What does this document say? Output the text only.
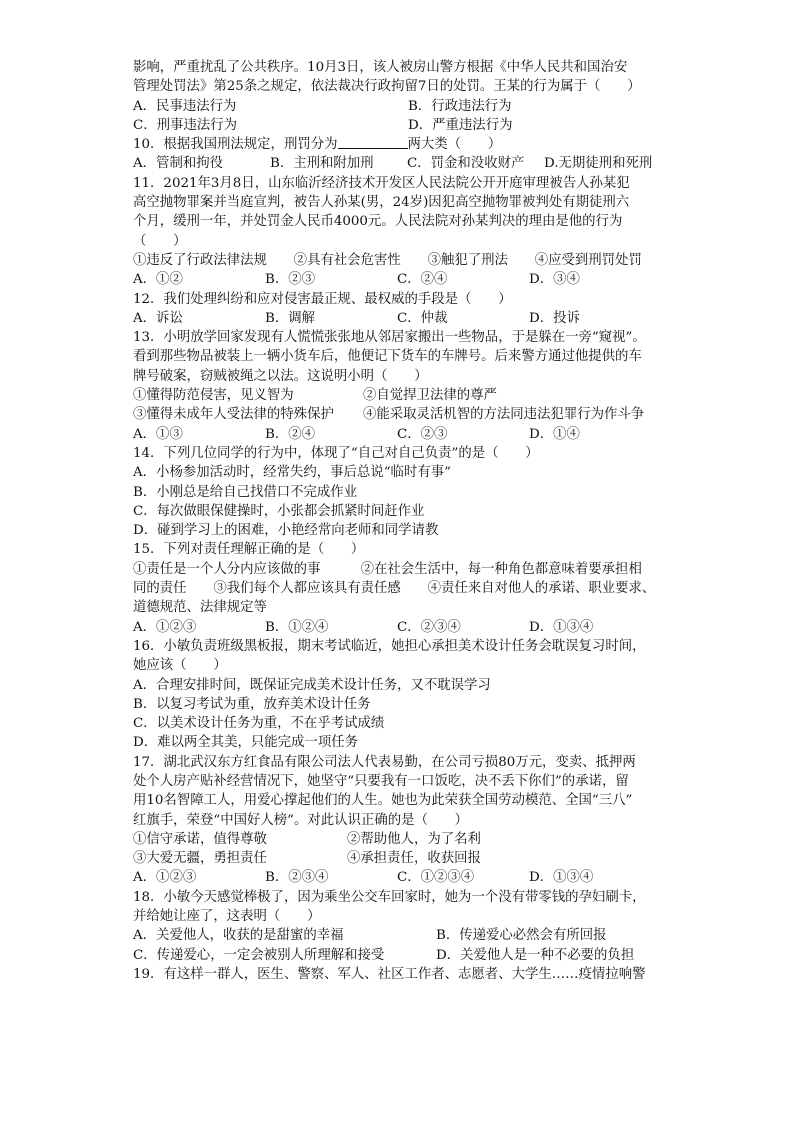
影响，严重扰乱了公共秩序。10月3日，该人被房山警方根据《中华人民共和国治安
管理处罚法》第25条之规定，依法裁决行政拘留7日的处罚。王某的行为属于（　　）
A．民事违法行为	B．行政违法行为
C．刑事违法行为	D．严重违法行为
10．根据我国刑法规定，刑罚分为	两大类（　　）
A．管制和拘役	B．主刑和附加刑	C．罚金和没收财产	D.无期徒刑和死刑
11．2021年3月8日，山东临沂经济技术开发区人民法院公开开庭审理被告人孙某犯
高空抛物罪案并当庭宣判，被告人孙某(男，24岁)因犯高空抛物罪被判处有期徒刑六
个月，缓刑一年，并处罚金人民币4000元。人民法院对孙某判决的理由是他的行为
（　　）
①违反了行政法律法规　　②具有社会危害性　　③触犯了刑法　　④应受到刑罚处罚
A．①②	B．②③	C．②④	D．③④
12．我们处理纠纷和应对侵害最正规、最权威的手段是（　　）
A．诉讼	B．调解	C．仲裁	D．投诉
13．小明放学回家发现有人慌慌张张地从邻居家搬出一些物品，于是躲在一旁“窥视”。
看到那些物品被装上一辆小货车后，他便记下货车的车牌号。后来警方通过他提供的车
牌号破案，窃贼被绳之以法。这说明小明（　　）
①懂得防范侵害，见义智为	②自觉捍卫法律的尊严
③懂得未成年人受法律的特殊保护	④能采取灵活机智的方法同违法犯罪行为作斗争
A．①③	B．②④	C．②③	D．①④
14．下列几位同学的行为中，体现了“自己对自己负责”的是（　　）
A．小杨参加活动时，经常失约，事后总说“临时有事”
B．小刚总是给自己找借口不完成作业
C．每次做眼保健操时，小张都会抓紧时间赶作业
D．碰到学习上的困难，小艳经常向老师和同学请教
15．下列对责任理解正确的是（　　）
①责任是一个人分内应该做的事　　　②在社会生活中，每一种角色都意味着要承担相
同的责任　　③我们每个人都应该具有责任感　　④责任来自对他人的承诺、职业要求、
道德规范、法律规定等
A．①②③	B．①②④	C．②③④	D．①③④
16．小敏负责班级黑板报，期末考试临近，她担心承担美术设计任务会耽误复习时间，
她应该（　　）
A．合理安排时间，既保证完成美术设计任务，又不耽误学习
B．以复习考试为重，放弃美术设计任务
C．以美术设计任务为重，不在乎考试成绩
D．难以两全其美，只能完成一项任务
17．湖北武汉东方红食品有限公司法人代表易勤，在公司亏损80万元，变卖、抵押两
处个人房产贴补经营情况下，她坚守“只要我有一口饭吃，决不丢下你们”的承诺，留
用10名智障工人，用爱心撑起他们的人生。她也为此荣获全国劳动模范、全国“三八”
红旗手，荣登“中国好人榜”。对此认识正确的是（　　）
①信守承诺，值得尊敬	②帮助他人，为了名利
③大爱无疆，勇担责任	④承担责任，收获回报
A．①②③	B．②③④	C．①②③④	D．①③④
18．小敏今天感觉棒极了，因为乘坐公交车回家时，她为一个没有带零钱的孕妇刷卡，
并给她让座了，这表明（　　）
A．关爱他人，收获的是甜蜜的幸福	B．传递爱心必然会有所回报
C．传递爱心，一定会被别人所理解和接受	D．关爱他人是一种不必要的负担
19．有这样一群人，医生、警察、军人、社区工作者、志愿者、大学生……疫情拉响警
